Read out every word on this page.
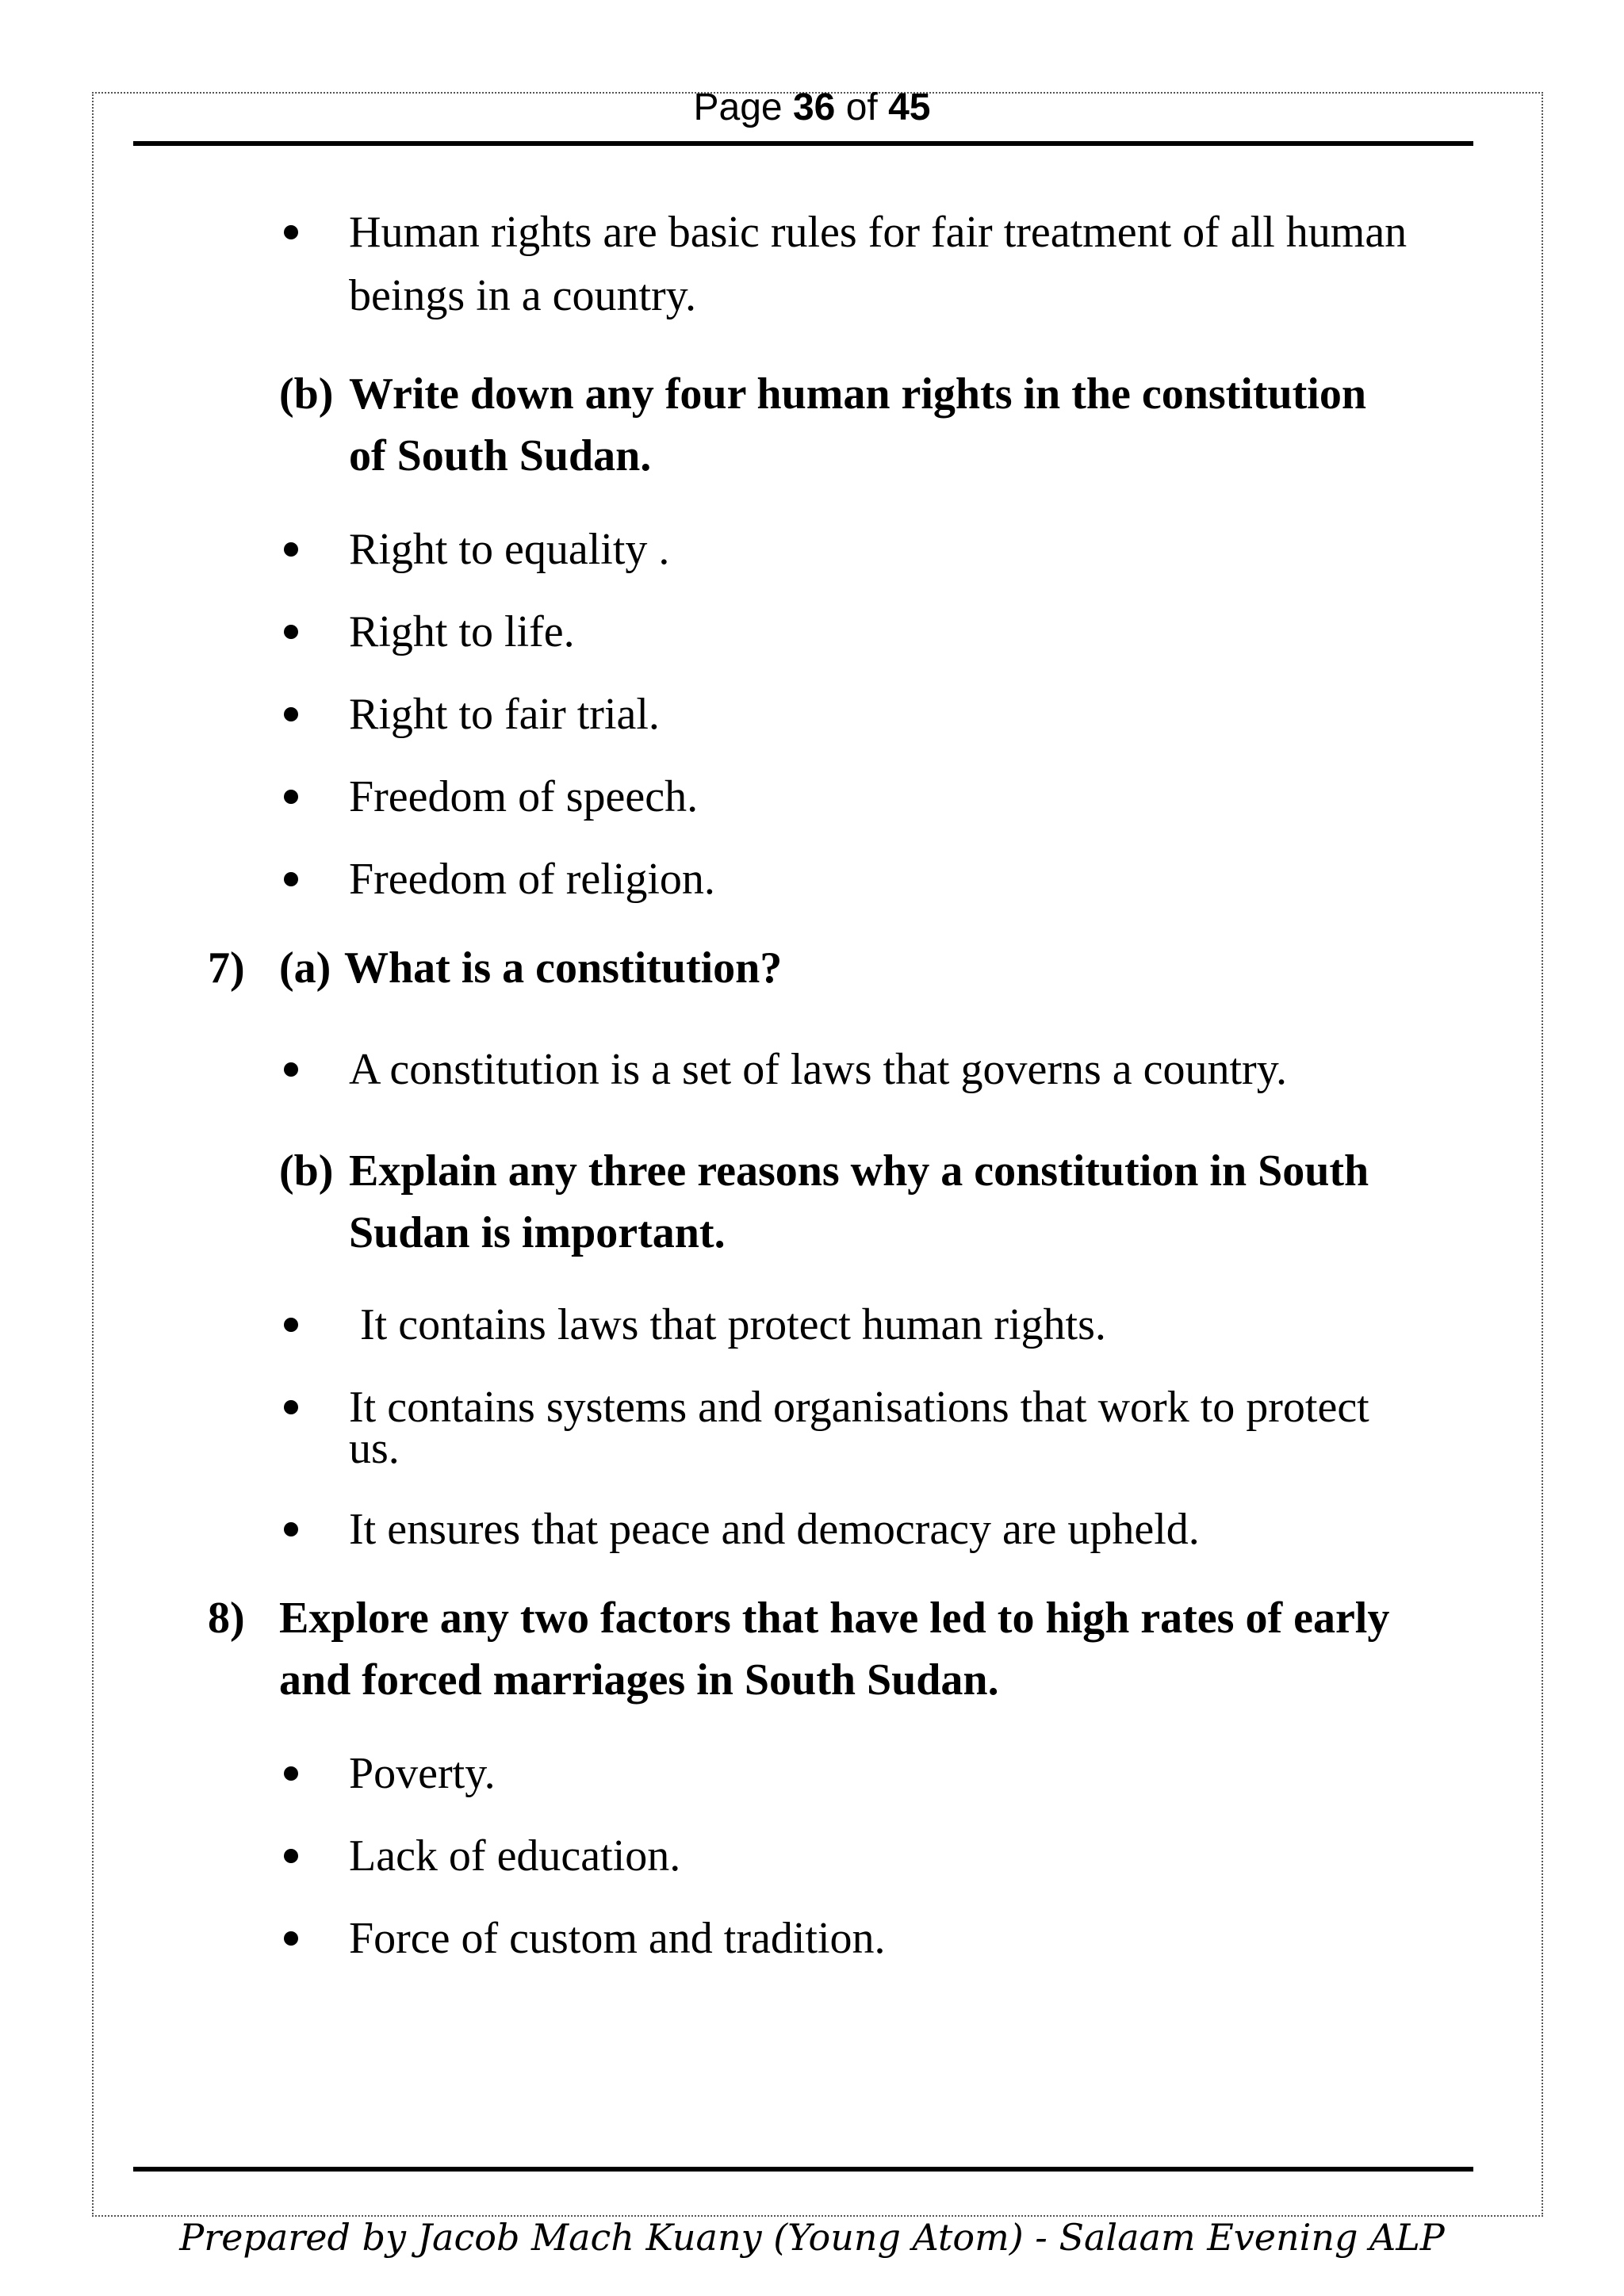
Page 36 of 45
Human rights are basic rules for fair treatment of all human
beings in a country.
(b) Write down any four human rights in the constitution
of South Sudan.
Right to equality .
Right to life.
Right to fair trial.
Freedom of speech.
Freedom of religion.
7) (a) What is a constitution?
A constitution is a set of laws that governs a country.
(b) Explain any three reasons why a constitution in South
Sudan is important.
It contains laws that protect human rights.
It contains systems and organisations that work to protect
us.
It ensures that peace and democracy are upheld.
8) Explore any two factors that have led to high rates of early
and forced marriages in South Sudan.
Poverty.
Lack of education.
Force of custom and tradition.
Prepared by Jacob Mach Kuany (Young Atom) - Salaam Evening ALP
